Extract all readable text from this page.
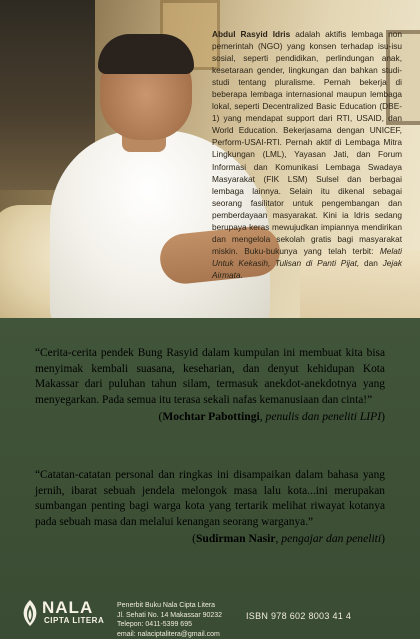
Abdul Rasyid Idris adalah aktifis lembaga non pemerintah (NGO) yang konsen terhadap isu-isu sosial, seperti pendidikan, perlindungan anak, kesetaraan gender, lingkungan dan bahkan studi-studi tentang pluralisme. Pernah bekerja di beberapa lembaga internasional maupun lembaga lokal, seperti Decentralized Basic Education (DBE-1) yang mendapat support dari RTI, USAID, dan World Education. Bekerjasama dengan UNICEF, Perform-USAI-RTI. Pernah aktif di Lembaga Mitra Lingkungan (LML), Yayasan Jati, dan Forum Informasi dan Komunikasi Lembaga Swadaya Masyarakat (FIK LSM) Sulsel dan berbagai lembaga lainnya. Selain itu dikenal sebagai seorang fasilitator untuk pengembangan dan pemberdayaan masyarakat. Kini ia Idris sedang berupaya keras mewujudkan impiannya mendirikan dan mengelola sekolah gratis bagi masyarakat miskin. Buku-bukunya yang telah terbit: Melati Untuk Kekasih, Tulisan di Panti Pijat, dan Jejak Airmata.
“Cerita-cerita pendek Bung Rasyid dalam kumpulan ini membuat kita bisa menyimak kembali suasana, keseharian, dan denyut kehidupan Kota Makassar dari puluhan tahun silam, termasuk anekdot-anekdotnya yang menyegarkan. Pada semua itu terasa sekali nafas kemanusiaan dan cinta!”
(Mochtar Pabottingi, penulis dan peneliti LIPI)
“Catatan-catatan personal dan ringkas ini disampaikan dalam bahasa yang jernih, ibarat sebuah jendela melongok masa lalu kota...ini merupakan sumbangan penting bagi warga kota yang tertarik melihat riwayat kotanya pada sebuah masa dan melalui kenangan seorang warganya.”
(Sudirman Nasir, pengajar dan peneliti)
NALA
CIPTA LITERA
Penerbit Buku Nala Cipta Litera
Jl. Sehati No. 14 Makassar 90232
Telepon: 0411-5399 695
email: nalaciptalitera@gmail.com
ISBN 978 602 8003 41 4
